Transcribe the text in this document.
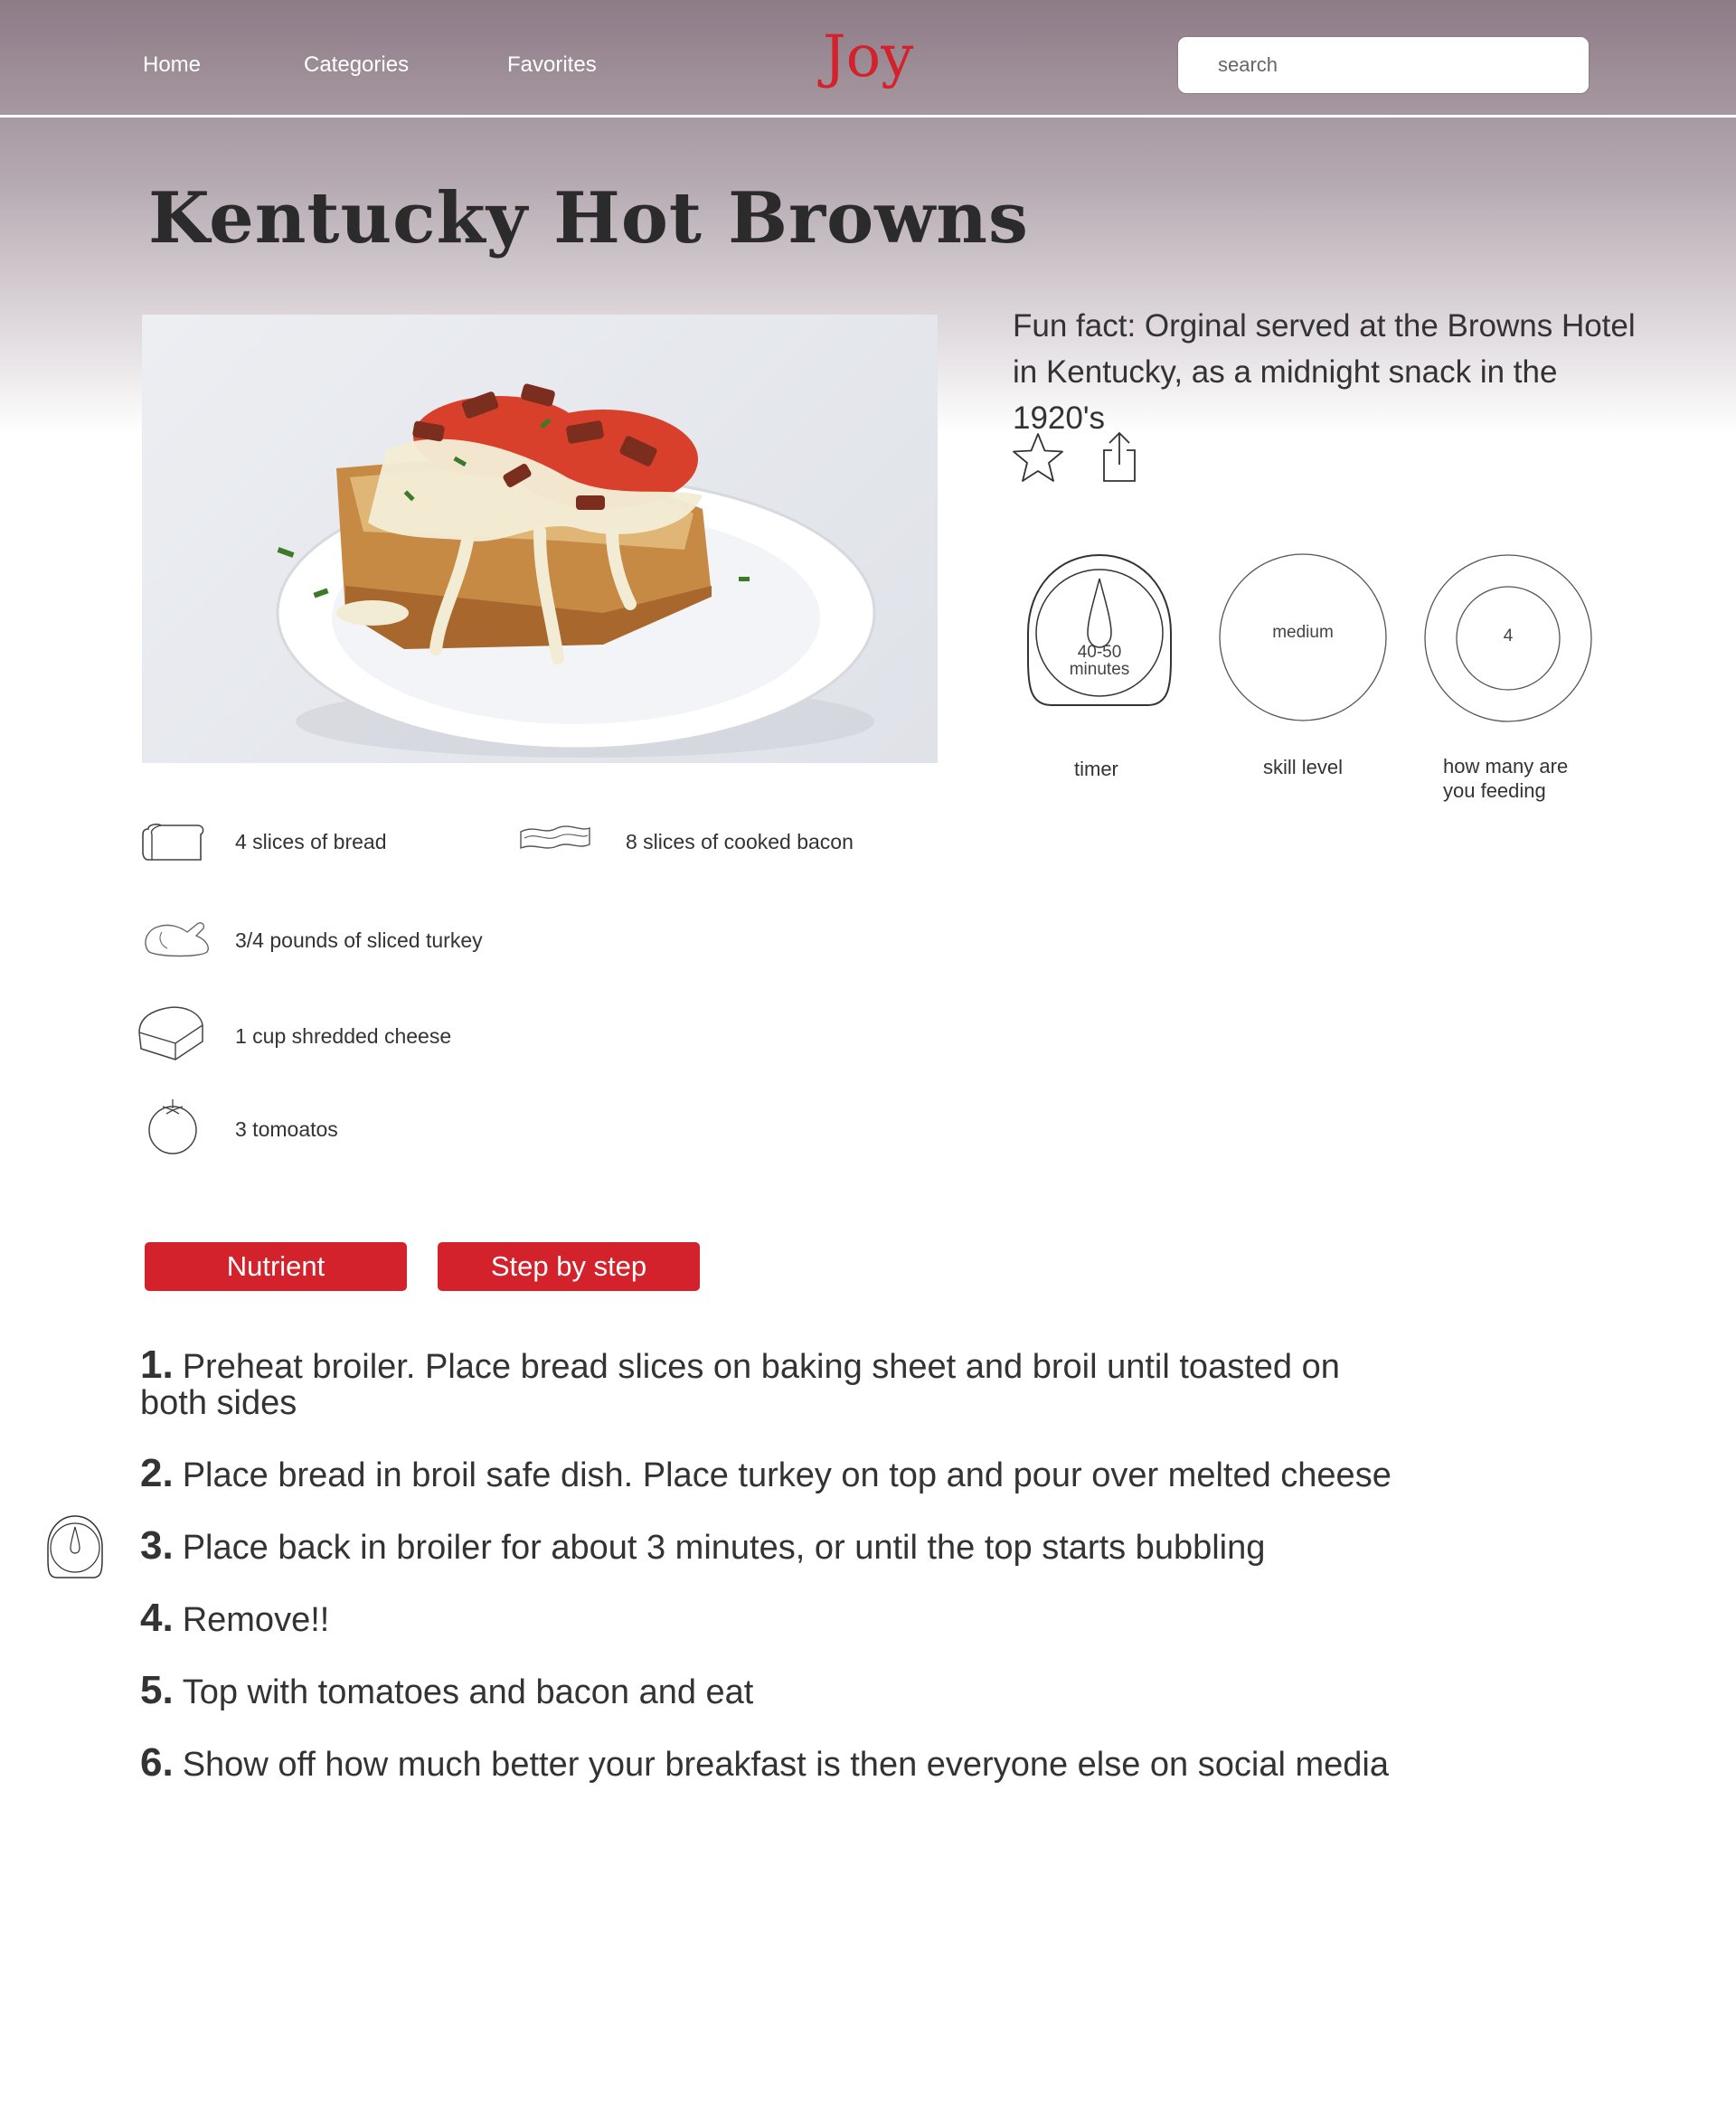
Home	Categories	Favorites	Joy
search
Kentucky Hot Browns
Fun fact: Orginal served at the Browns Hotel in Kentucky, as a midnight snack in the 1920's
40-50
minutes
timer
medium
skill level
4
how many are
you feeding
4 slices of bread	8 slices of cooked bacon
3/4 pounds of sliced turkey
1 cup shredded cheese
3 tomoatos
Nutrient	Step by step
1. Preheat broiler. Place bread slices on baking sheet and broil until toasted on both sides
2. Place bread in broil safe dish. Place turkey on top and pour over melted cheese
3. Place back in broiler for about 3 minutes, or until the top starts bubbling
4. Remove!!
5. Top with tomatoes and bacon and eat
6. Show off how much better your breakfast is then everyone else on social media
